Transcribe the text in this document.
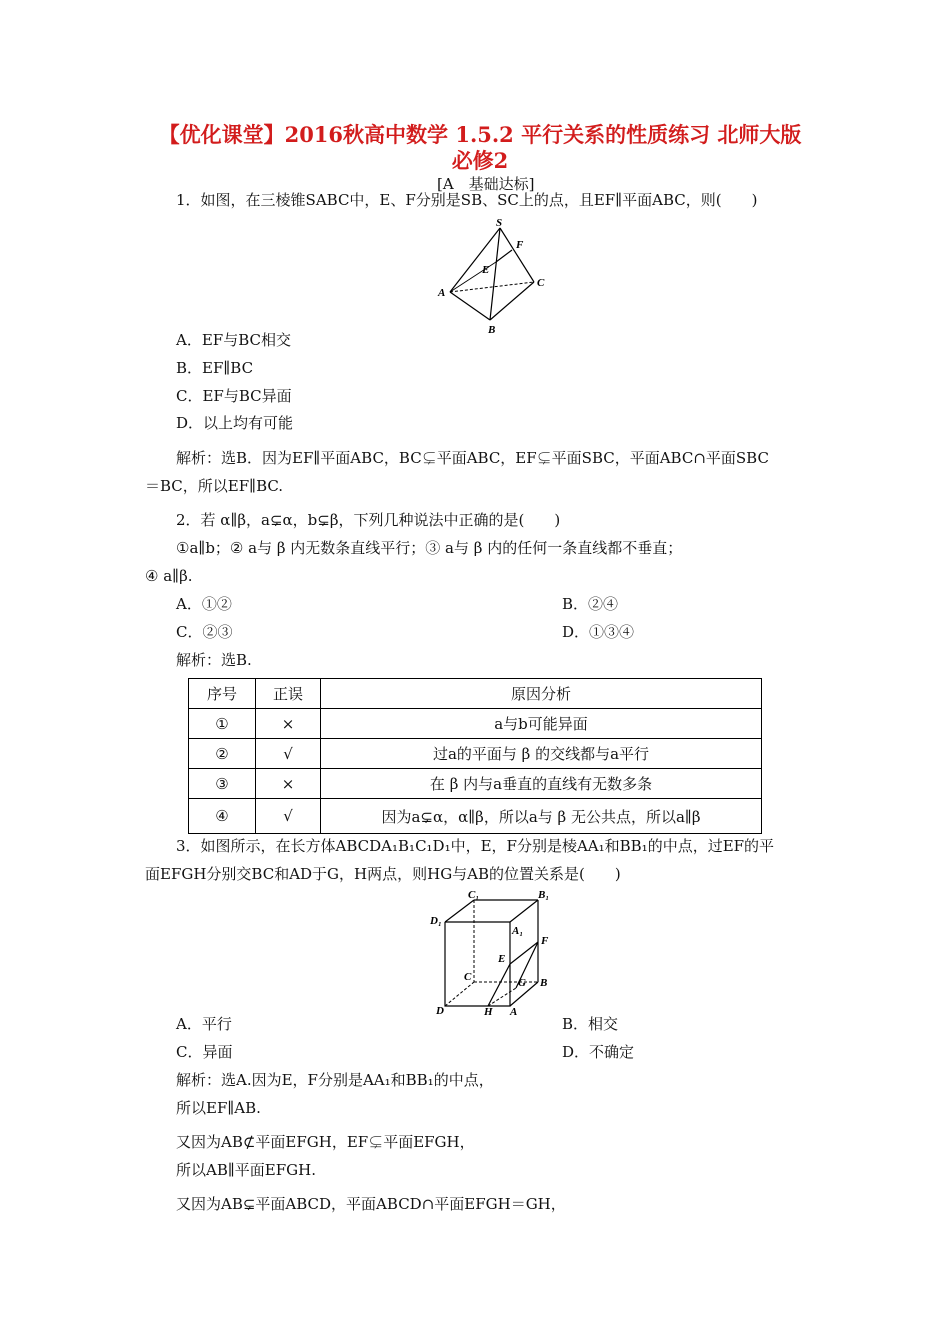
【优化课堂】2016秋高中数学 1.5.2 平行关系的性质练习 北师大版必修2
[A　基础达标]
1．如图，在三棱锥SABC中，E、F分别是SB、SC上的点，且EF∥平面ABC，则(　　)
S
F
E
A
C
B
A．EF与BC相交
B．EF∥BC
C．EF与BC异面
D．以上均有可能
解析：选B．因为EF∥平面ABC，BC⊊平面ABC，EF⊊平面SBC，平面ABC∩平面SBC
＝BC，所以EF∥BC.
2．若 α∥β，a⊊α，b⊊β，下列几种说法中正确的是(　　)
①a∥b；② a与 β 内无数条直线平行；③ a与 β 内的任何一条直线都不垂直；
④ a∥β.
A．①②	B．②④
C．②③	D．①③④
解析：选B.
序号	正误	原因分析
①	×	a与b可能异面
②	√	过a的平面与 β 的交线都与a平行
③	×	在 β 内与a垂直的直线有无数多条
④	√	因为a⊊α，α∥β，所以a与 β 无公共点，所以a∥β
3．如图所示，在长方体ABCDA₁B₁C₁D₁中，E，F分别是棱AA₁和BB₁的中点，过EF的平
面EFGH分别交BC和AD于G，H两点，则HG与AB的位置关系是(　　)
C₁	B₁
D₁
A₁
F
E
C	G B
D	H A
A．平行	B．相交
C．异面	D．不确定
解析：选A.因为E，F分别是AA₁和BB₁的中点，
所以EF∥AB.
又因为AB⊄平面EFGH，EF⊊平面EFGH，
所以AB∥平面EFGH.
又因为AB⊊平面ABCD，平面ABCD∩平面EFGH＝GH，
